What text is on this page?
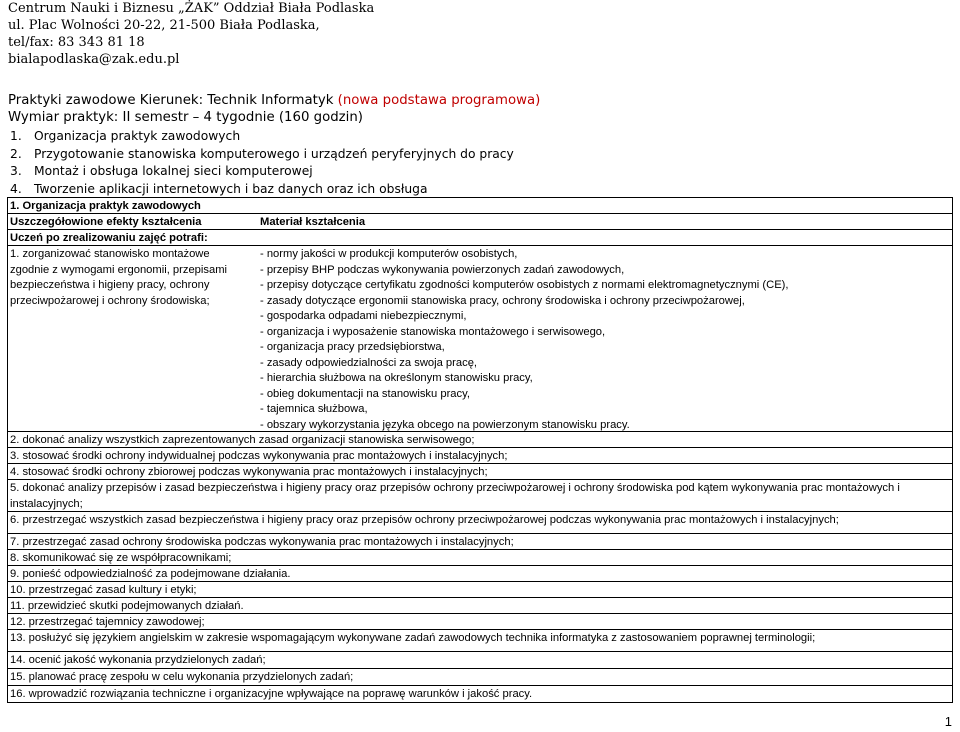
Centrum Nauki i Biznesu „ŻAK” Oddział Biała Podlaska
ul. Plac Wolności 20-22, 21-500 Biała Podlaska,
tel/fax: 83 343 81 18
bialapodlaska@zak.edu.pl
Praktyki zawodowe Kierunek: Technik Informatyk (nowa podstawa programowa)
Wymiar praktyk: II semestr – 4 tygodnie (160 godzin)
1. Organizacja praktyk zawodowych
2. Przygotowanie stanowiska komputerowego i urządzeń peryferyjnych do pracy
3. Montaż i obsługa lokalnej sieci komputerowej
4. Tworzenie aplikacji internetowych i baz danych oraz ich obsługa
1. Organizacja praktyk zawodowych
Uszczegółowione efekty kształcenia	Materiał kształcenia
Uczeń po zrealizowaniu zajęć potrafi:
1. zorganizować stanowisko montażowe
zgodnie z wymogami ergonomii, przepisami
bezpieczeństwa i higieny pracy, ochrony
przeciwpożarowej i ochrony środowiska;
- normy jakości w produkcji komputerów osobistych,
- przepisy BHP podczas wykonywania powierzonych zadań zawodowych,
- przepisy dotyczące certyfikatu zgodności komputerów osobistych z normami elektromagnetycznymi (CE),
- zasady dotyczące ergonomii stanowiska pracy, ochrony środowiska i ochrony przeciwpożarowej,
- gospodarka odpadami niebezpiecznymi,
- organizacja i wyposażenie stanowiska montażowego i serwisowego,
- organizacja pracy przedsiębiorstwa,
- zasady odpowiedzialności za swoja pracę,
- hierarchia służbowa na określonym stanowisku pracy,
- obieg dokumentacji na stanowisku pracy,
- tajemnica służbowa,
- obszary wykorzystania języka obcego na powierzonym stanowisku pracy.
2. dokonać analizy wszystkich zaprezentowanych zasad organizacji stanowiska serwisowego;
3. stosować środki ochrony indywidualnej podczas wykonywania prac montażowych i instalacyjnych;
4. stosować środki ochrony zbiorowej podczas wykonywania prac montażowych i instalacyjnych;
5. dokonać analizy przepisów i zasad bezpieczeństwa i higieny pracy oraz przepisów ochrony przeciwpożarowej i ochrony środowiska pod kątem wykonywania prac montażowych i instalacyjnych;
6. przestrzegać wszystkich zasad bezpieczeństwa i higieny pracy oraz przepisów ochrony przeciwpożarowej podczas wykonywania prac montażowych i instalacyjnych;
7. przestrzegać zasad ochrony środowiska podczas wykonywania prac montażowych i instalacyjnych;
8. skomunikować się ze współpracownikami;
9. ponieść odpowiedzialność za podejmowane działania.
10. przestrzegać zasad kultury i etyki;
11. przewidzieć skutki podejmowanych działań.
12. przestrzegać tajemnicy zawodowej;
13. posłużyć się językiem angielskim w zakresie wspomagającym wykonywane zadań zawodowych technika informatyka z zastosowaniem poprawnej terminologii;
14. ocenić jakość wykonania przydzielonych zadań;
15. planować pracę zespołu w celu wykonania przydzielonych zadań;
16. wprowadzić rozwiązania techniczne i organizacyjne wpływające na poprawę warunków i jakość pracy.
1
